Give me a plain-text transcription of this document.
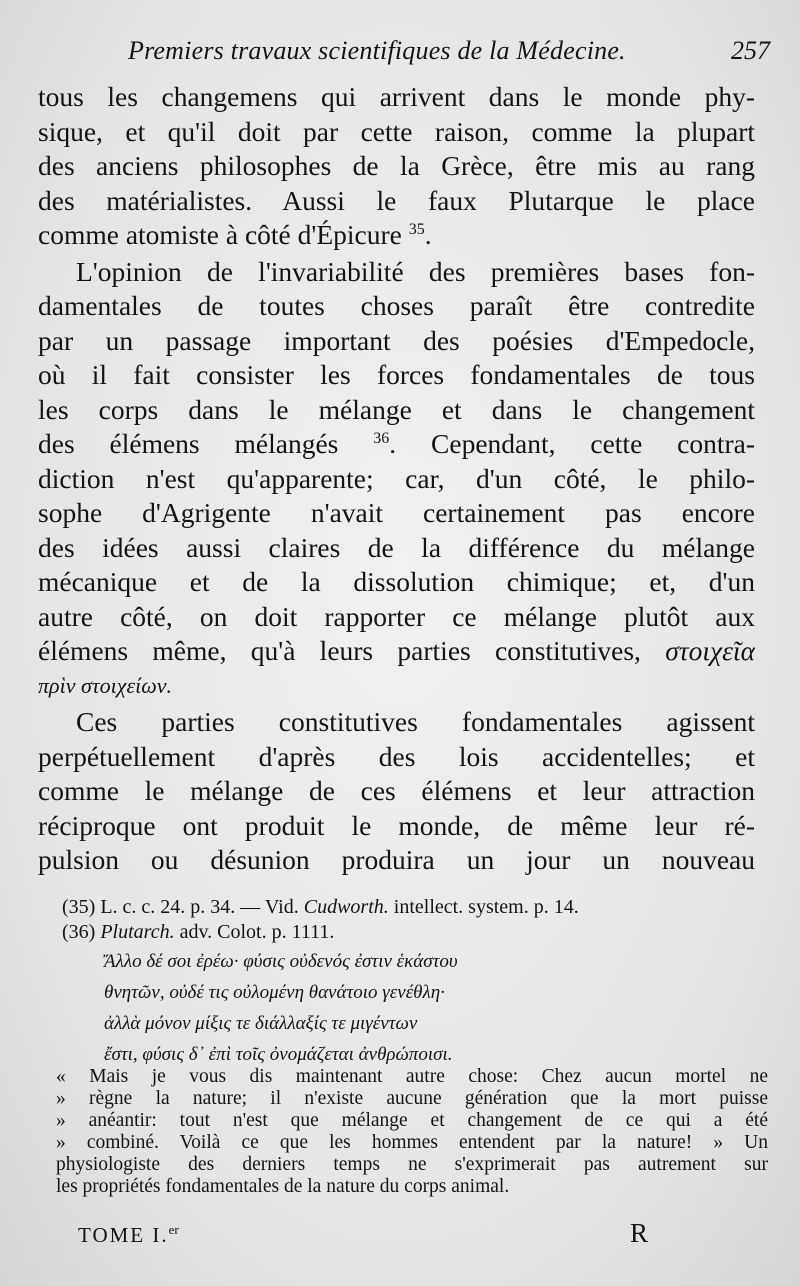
Premiers travaux scientifiques de la Médecine.	257
tous les changemens qui arrivent dans le monde phy-
sique, et qu'il doit par cette raison, comme la plupart
des anciens philosophes de la Grèce, être mis au rang
des matérialistes. Aussi le faux Plutarque le place
comme atomiste à côté d'Épicure $^{35}$.
L'opinion de l'invariabilité des premières bases fon-
damentales de toutes choses paraît être contredite
par un passage important des poésies d'Empedocle,
où il fait consister les forces fondamentales de tous
les corps dans le mélange et dans le changement
des élémens mélangés $^{36}$. Cependant, cette contra-
diction n'est qu'apparente; car, d'un côté, le philo-
sophe d'Agrigente n'avait certainement pas encore
des idées aussi claires de la différence du mélange
mécanique et de la dissolution chimique; et, d'un
autre côté, on doit rapporter ce mélange plutôt aux
élémens même, qu'à leurs parties constitutives, στοιχεῖα
πρὶν στοιχείων.
Ces parties constitutives fondamentales agissent
perpétuellement d'après des lois accidentelles; et
comme le mélange de ces élémens et leur attraction
réciproque ont produit le monde, de même leur ré-
pulsion ou désunion produira un jour un nouveau
(35) L. c. c. 24. p. 34. — Vid. Cudworth. intellect. system. p. 14.
(36) Plutarch. adv. Colot. p. 1111.
Ἄλλο δέ σοι ἐρέω· φύσις οὐδενός ἐστιν ἑκάστου
θνητῶν, οὐδέ τις οὐλομένη θανάτοιο γενέθλη·
ἀλλὰ μόνον μίξις τε διάλλαξίς τε μιγέντων
ἔστι, φύσις δ᾽ ἐπὶ τοῖς ὀνομάζεται ἀνθρώποισι.
« Mais je vous dis maintenant autre chose: Chez aucun mortel ne
» règne la nature; il n'existe aucune génération que la mort puisse
» anéantir: tout n'est que mélange et changement de ce qui a été
» combiné. Voilà ce que les hommes entendent par la nature! » Un
physiologiste des derniers temps ne s'exprimerait pas autrement sur
les propriétés fondamentales de la nature du corps animal.
TOME I.$^{er}$	R
